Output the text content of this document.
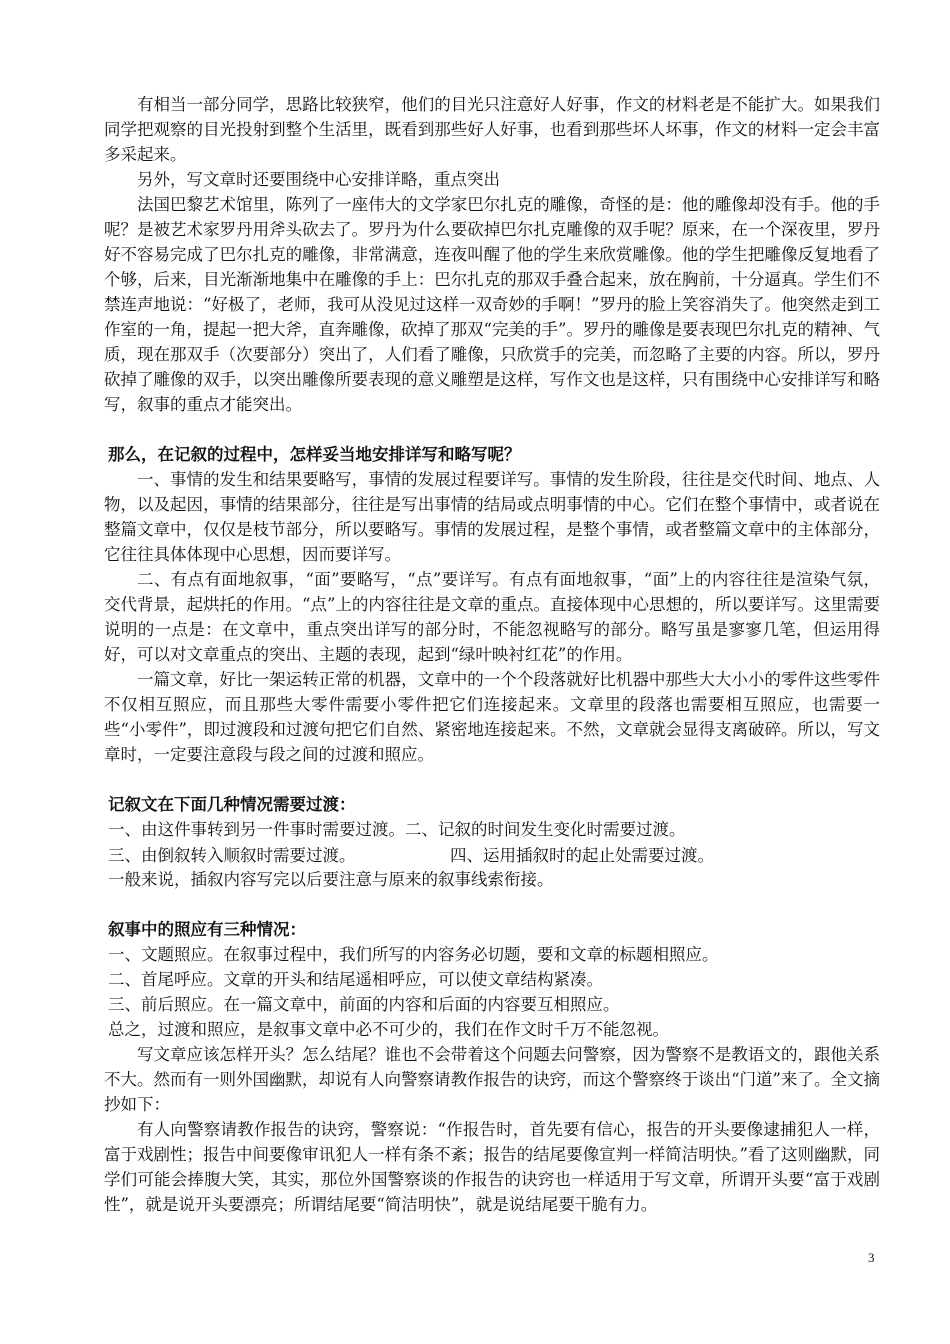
有相当一部分同学，思路比较狭窄，他们的目光只注意好人好事，作文的材料老是不能扩大。如果我们同学把观察的目光投射到整个生活里，既看到那些好人好事，也看到那些坏人坏事，作文的材料一定会丰富多采起来。

另外，写文章时还要围绕中心安排详略，重点突出

法国巴黎艺术馆里，陈列了一座伟大的文学家巴尔扎克的雕像，奇怪的是：他的雕像却没有手。他的手呢？是被艺术家罗丹用斧头砍去了。罗丹为什么要砍掉巴尔扎克雕像的双手呢？原来，在一个深夜里，罗丹好不容易完成了巴尔扎克的雕像，非常满意，连夜叫醒了他的学生来欣赏雕像。他的学生把雕像反复地看了个够，后来，目光渐渐地集中在雕像的手上：巴尔扎克的那双手叠合起来，放在胸前，十分逼真。学生们不禁连声地说：“好极了，老师，我可从没见过这样一双奇妙的手啊！”罗丹的脸上笑容消失了。他突然走到工作室的一角，提起一把大斧，直奔雕像，砍掉了那双“完美的手”。罗丹的雕像是要表现巴尔扎克的精神、气质，现在那双手（次要部分）突出了，人们看了雕像，只欣赏手的完美，而忽略了主要的内容。所以，罗丹砍掉了雕像的双手，以突出雕像所要表现的意义雕塑是这样，写作文也是这样，只有围绕中心安排详写和略写，叙事的重点才能突出。

那么，在记叙的过程中，怎样妥当地安排详写和略写呢？

一、事情的发生和结果要略写，事情的发展过程要详写。事情的发生阶段，往往是交代时间、地点、人物，以及起因，事情的结果部分，往往是写出事情的结局或点明事情的中心。它们在整个事情中，或者说在整篇文章中，仅仅是枝节部分，所以要略写。事情的发展过程，是整个事情，或者整篇文章中的主体部分，它往往具体体现中心思想，因而要详写。

二、有点有面地叙事，“面”要略写，“点”要详写。有点有面地叙事，“面”上的内容往往是渲染气氛，交代背景，起烘托的作用。“点”上的内容往往是文章的重点。直接体现中心思想的，所以要详写。这里需要说明的一点是：在文章中，重点突出详写的部分时，不能忽视略写的部分。略写虽是寥寥几笔，但运用得好，可以对文章重点的突出、主题的表现，起到“绿叶映衬红花”的作用。

一篇文章，好比一架运转正常的机器，文章中的一个个段落就好比机器中那些大大小小的零件这些零件不仅相互照应，而且那些大零件需要小零件把它们连接起来。文章里的段落也需要相互照应，也需要一些“小零件”，即过渡段和过渡句把它们自然、紧密地连接起来。不然，文章就会显得支离破碎。所以，写文章时，一定要注意段与段之间的过渡和照应。

记叙文在下面几种情况需要过渡：

一、由这件事转到另一件事时需要过渡。二、记叙的时间发生变化时需要过渡。

三、由倒叙转入顺叙时需要过渡。	四、运用插叙时的起止处需要过渡。

一般来说，插叙内容写完以后要注意与原来的叙事线索衔接。

叙事中的照应有三种情况：

一、文题照应。在叙事过程中，我们所写的内容务必切题，要和文章的标题相照应。

二、首尾呼应。文章的开头和结尾遥相呼应，可以使文章结构紧凑。

三、前后照应。在一篇文章中，前面的内容和后面的内容要互相照应。

总之，过渡和照应，是叙事文章中必不可少的，我们在作文时千万不能忽视。

写文章应该怎样开头？怎么结尾？谁也不会带着这个问题去问警察，因为警察不是教语文的，跟他关系不大。然而有一则外国幽默，却说有人向警察请教作报告的诀窍，而这个警察终于谈出“门道”来了。全文摘抄如下：

有人向警察请教作报告的诀窍，警察说：“作报告时，首先要有信心，报告的开头要像逮捕犯人一样，富于戏剧性；报告中间要像审讯犯人一样有条不紊；报告的结尾要像宣判一样简洁明快。”看了这则幽默，同学们可能会捧腹大笑，其实，那位外国警察谈的作报告的诀窍也一样适用于写文章，所谓开头要“富于戏剧性”，就是说开头要漂亮；所谓结尾要“简洁明快”，就是说结尾要干脆有力。

3
